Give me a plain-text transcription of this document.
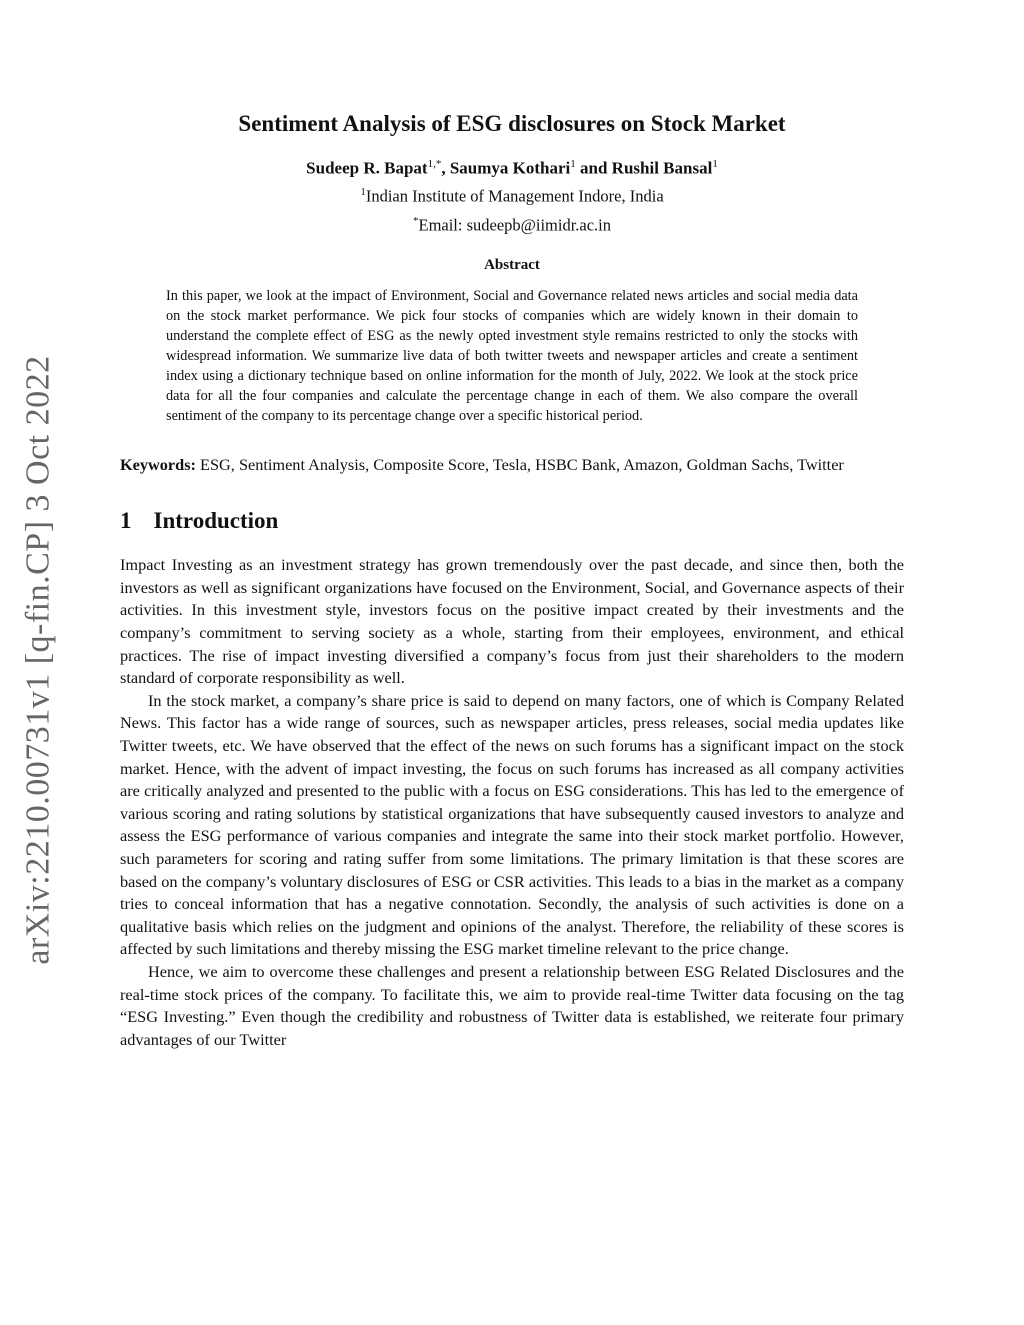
arXiv:2210.00731v1 [q-fin.CP] 3 Oct 2022
Sentiment Analysis of ESG disclosures on Stock Market
Sudeep R. Bapat$^{1,*}$, Saumya Kothari$^1$ and Rushil Bansal$^1$
$^1$Indian Institute of Management Indore, India
*Email: sudeepb@iimidr.ac.in
Abstract

In this paper, we look at the impact of Environment, Social and Governance related news articles and social media data on the stock market performance. We pick four stocks of companies which are widely known in their domain to understand the complete effect of ESG as the newly opted investment style remains restricted to only the stocks with widespread information. We summarize live data of both twitter tweets and newspaper articles and create a sentiment index using a dictionary technique based on online information for the month of July, 2022. We look at the stock price data for all the four companies and calculate the percentage change in each of them. We also compare the overall sentiment of the company to its percentage change over a specific historical period.

Keywords: ESG, Sentiment Analysis, Composite Score, Tesla, HSBC Bank, Amazon, Goldman Sachs, Twitter
1 Introduction

Impact Investing as an investment strategy has grown tremendously over the past decade, and since then, both the investors as well as significant organizations have focused on the Environment, Social, and Governance aspects of their activities. In this investment style, investors focus on the positive impact created by their investments and the company’s commitment to serving society as a whole, starting from their employees, environment, and ethical practices. The rise of impact investing diversified a company’s focus from just their shareholders to the modern standard of corporate responsibility as well.

In the stock market, a company’s share price is said to depend on many factors, one of which is Company Related News. This factor has a wide range of sources, such as newspaper articles, press releases, social media updates like Twitter tweets, etc. We have observed that the effect of the news on such forums has a significant impact on the stock market. Hence, with the advent of impact investing, the focus on such forums has increased as all company activities are critically analyzed and presented to the public with a focus on ESG considerations. This has led to the emergence of various scoring and rating solutions by statistical organizations that have subsequently caused investors to analyze and assess the ESG performance of various companies and integrate the same into their stock market portfolio. However, such parameters for scoring and rating suffer from some limitations. The primary limitation is that these scores are based on the company’s voluntary disclosures of ESG or CSR activities. This leads to a bias in the market as a company tries to conceal information that has a negative connotation. Secondly, the analysis of such activities is done on a qualitative basis which relies on the judgment and opinions of the analyst. Therefore, the reliability of these scores is affected by such limitations and thereby missing the ESG market timeline relevant to the price change.

Hence, we aim to overcome these challenges and present a relationship between ESG Related Disclosures and the real-time stock prices of the company. To facilitate this, we aim to provide real-time Twitter data focusing on the tag “ESG Investing.” Even though the credibility and robustness of Twitter data is established, we reiterate four primary advantages of our Twitter
